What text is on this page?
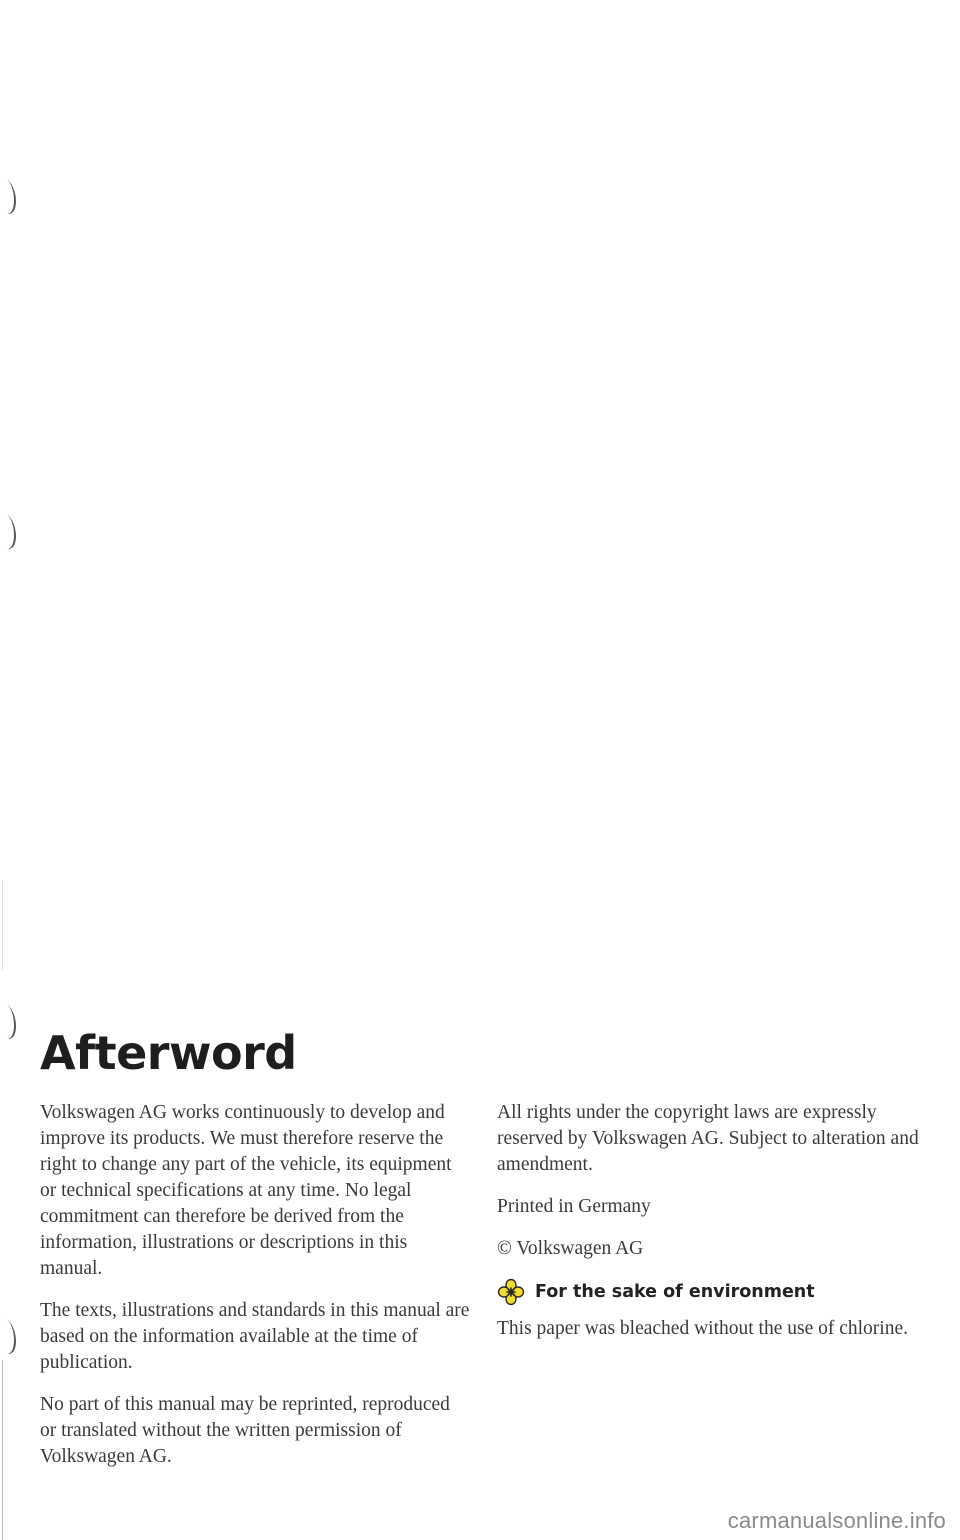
Afterword

Volkswagen AG works continuously to develop and improve its products. We must therefore reserve the right to change any part of the vehicle, its equipment or technical specifications at any time. No legal commitment can therefore be derived from the information, illustrations or descriptions in this manual.

The texts, illustrations and standards in this manual are based on the information available at the time of publication.

No part of this manual may be reprinted, reproduced or translated without the written permission of Volkswagen AG.

All rights under the copyright laws are expressly reserved by Volkswagen AG. Subject to alteration and amendment.

Printed in Germany

© Volkswagen AG

For the sake of environment

This paper was bleached without the use of chlorine.

carmanualsonline.info
